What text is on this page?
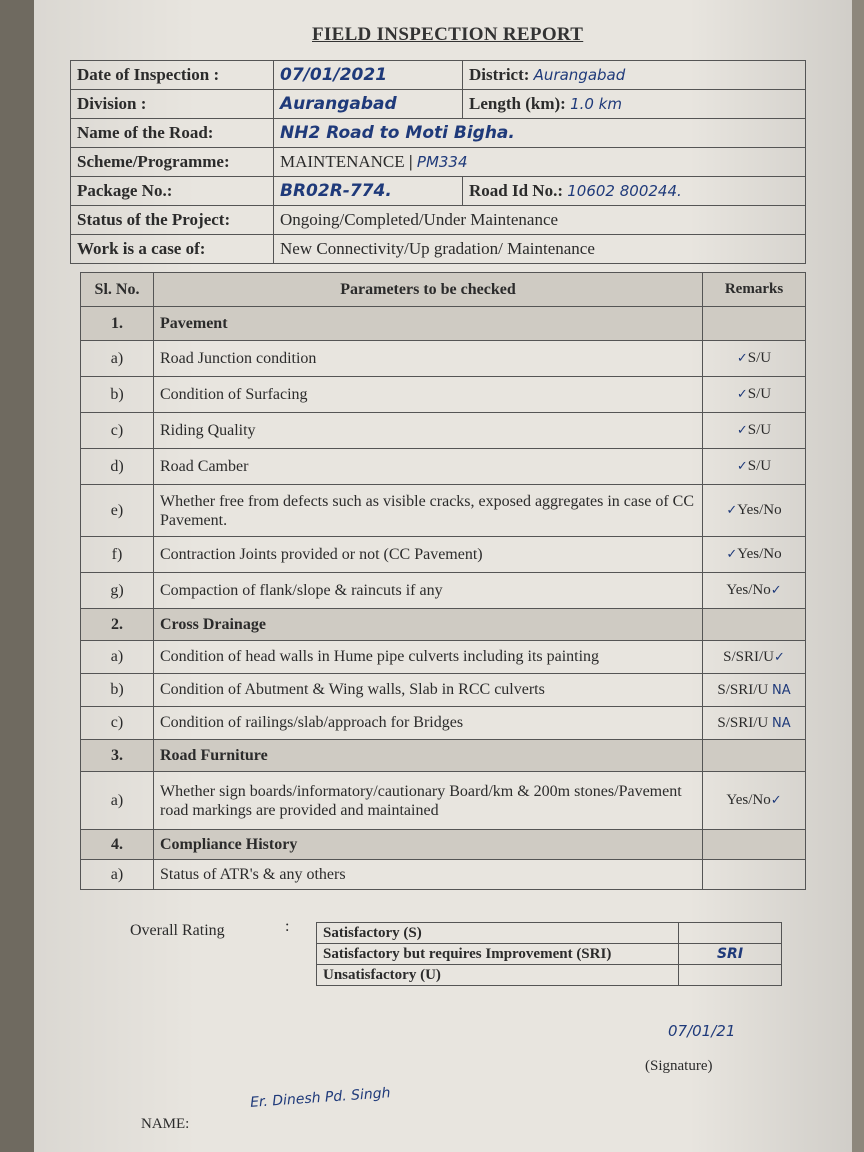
FIELD INSPECTION REPORT
Date of Inspection :	07/01/2021	District: Aurangabad
Division :	Aurangabad	Length (km): 1.0 km
Name of the Road:	NH2 Road to Moti Bigha.	
Scheme/Programme:	MAINTENANCE | PM334	
Package No.:	BR02R-774.	Road Id No.: 10602 800244.
Status of the Project:	Ongoing/Completed/Under Maintenance	
Work is a case of:	New Connectivity/Up gradation/ Maintenance	
Sl. No.	Parameters to be checked	Remarks
1.	Pavement	
a)	Road Junction condition	✓S/U
b)	Condition of Surfacing	✓S/U
c)	Riding Quality	✓S/U
d)	Road Camber	✓S/U
e)	Whether free from defects such as visible cracks, exposed aggregates in case of CC Pavement.	✓Yes/No
f)	Contraction Joints provided or not (CC Pavement)	✓Yes/No
g)	Compaction of flank/slope & raincuts if any	Yes/No✓
2.	Cross Drainage	
a)	Condition of head walls in Hume pipe culverts including its painting	S/SRI/U✓
b)	Condition of Abutment & Wing walls, Slab in RCC culverts	S/SRI/U NA
c)	Condition of railings/slab/approach for Bridges	S/SRI/U NA
3.	Road Furniture	
a)	Whether sign boards/informatory/cautionary Board/km & 200m stones/Pavement road markings are provided and maintained	Yes/No✓
4.	Compliance History	
a)	Status of ATR's & any others	
Overall Rating	: Satisfactory (S)	
Satisfactory but requires Improvement (SRI)	SRI
Unsatisfactory (U)	
07/01/21
(Signature)
Er. Dinesh Pd. Singh
NAME:
